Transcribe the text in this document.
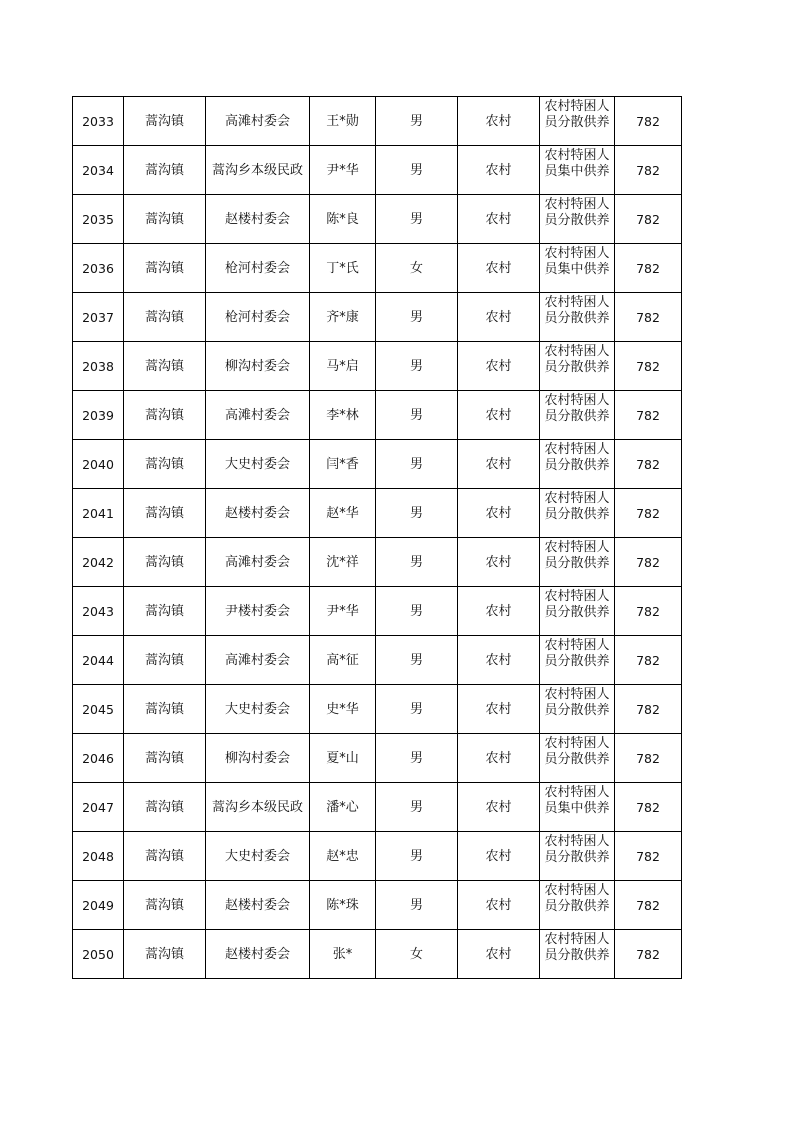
2033	蒿沟镇	高滩村委会	王*勋	男	农村	农村特困人员分散供养	782
2034	蒿沟镇	蒿沟乡本级民政	尹*华	男	农村	农村特困人员集中供养	782
2035	蒿沟镇	赵楼村委会	陈*良	男	农村	农村特困人员分散供养	782
2036	蒿沟镇	枪河村委会	丁*氏	女	农村	农村特困人员集中供养	782
2037	蒿沟镇	枪河村委会	齐*康	男	农村	农村特困人员分散供养	782
2038	蒿沟镇	柳沟村委会	马*启	男	农村	农村特困人员分散供养	782
2039	蒿沟镇	高滩村委会	李*林	男	农村	农村特困人员分散供养	782
2040	蒿沟镇	大史村委会	闫*香	男	农村	农村特困人员分散供养	782
2041	蒿沟镇	赵楼村委会	赵*华	男	农村	农村特困人员分散供养	782
2042	蒿沟镇	高滩村委会	沈*祥	男	农村	农村特困人员分散供养	782
2043	蒿沟镇	尹楼村委会	尹*华	男	农村	农村特困人员分散供养	782
2044	蒿沟镇	高滩村委会	高*征	男	农村	农村特困人员分散供养	782
2045	蒿沟镇	大史村委会	史*华	男	农村	农村特困人员分散供养	782
2046	蒿沟镇	柳沟村委会	夏*山	男	农村	农村特困人员分散供养	782
2047	蒿沟镇	蒿沟乡本级民政	潘*心	男	农村	农村特困人员集中供养	782
2048	蒿沟镇	大史村委会	赵*忠	男	农村	农村特困人员分散供养	782
2049	蒿沟镇	赵楼村委会	陈*珠	男	农村	农村特困人员分散供养	782
2050	蒿沟镇	赵楼村委会	张*	女	农村	农村特困人员分散供养	782
